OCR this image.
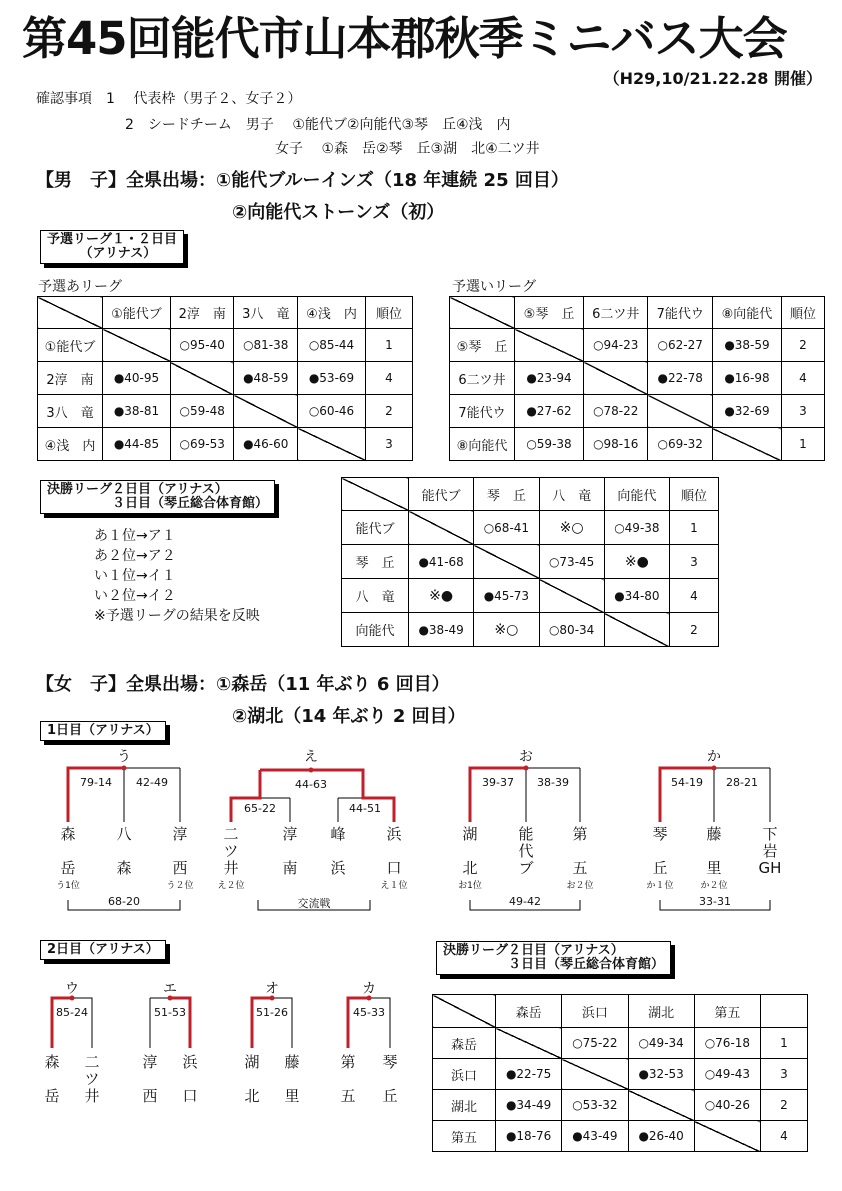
第45回能代市山本郡秋季ミニバス大会
（H29,10/21.22.28 開催）
確認事項　1　 代表枠（男子２、女子２）
2　シードチーム　男子　 ①能代ブ②向能代③琴　丘④浅　内
女子　 ①森　岳②琴　丘③湖　北④二ツ井
【男　子】全県出場：①能代ブルーインズ（18 年連続 25 回目）
②向能代ストーンズ（初）
予選リーグ１・２日目
　　　（アリナス）
予選あリーグ
	①能代ブ	2淳　南	3八　竜	④浅　内	順位
①能代ブ		○95-40	○81-38	○85-44	1
2淳　南	●40-95		●48-59	●53-69	4
3八　竜	●38-81	○59-48		○60-46	2
④浅　内	●44-85	○69-53	●46-60		3
予選いリーグ
	⑤琴　丘	6二ツ井	7能代ウ	⑧向能代	順位
⑤琴　丘		○94-23	○62-27	●38-59	2
6二ツ井	●23-94		●22-78	●16-98	4
7能代ウ	●27-62	○78-22		●32-69	3
⑧向能代	○59-38	○98-16	○69-32		1
決勝リーグ２日目（アリナス）
　　　　　３日目（琴丘総合体育館）
あ１位→ア１
あ２位→ア２
い１位→イ１
い２位→イ２
※予選リーグの結果を反映
	能代ブ	琴　丘	八　竜	向能代	順位
能代ブ		○68-41	※○	○49-38	1
琴　丘	●41-68		○73-45	※●	3
八　竜	※●	●45-73		●34-80	4
向能代	●38-49	※○	○80-34		2
【女　子】全県出場：①森岳（11 年ぶり 6 回目）
②湖北（14 年ぶり 2 回目）
1日目（アリナス）
う
79-14 42-49
森

岳
八

森
淳

西
う1位	う２位
68-20
え
44-63
65-22	44-51
二
ツ
井
淳

南
峰

浜
浜

口
え２位	え１位
交流戦
お
39-37 38-39
湖

北
能
代
ブ
第

五
お1位	お２位
49-42
か
54-19 28-21
琴

丘
藤

里
下
岩
GH
か１位	か２位
33-31
2日目（アリナス）
ウ
85-24
森

岳
二
ツ
井
エ
51-53
淳

西
浜

口
オ
51-26
湖

北
藤

里
カ
45-33
第

五
琴

丘
決勝リーグ２日目（アリナス）
　　　　　３日目（琴丘総合体育館）
	森岳	浜口	湖北	第五	
森岳		○75-22	○49-34	○76-18	1
浜口	●22-75		●32-53	○49-43	3
湖北	●34-49	○53-32		○40-26	2
第五	●18-76	●43-49	●26-40		4
